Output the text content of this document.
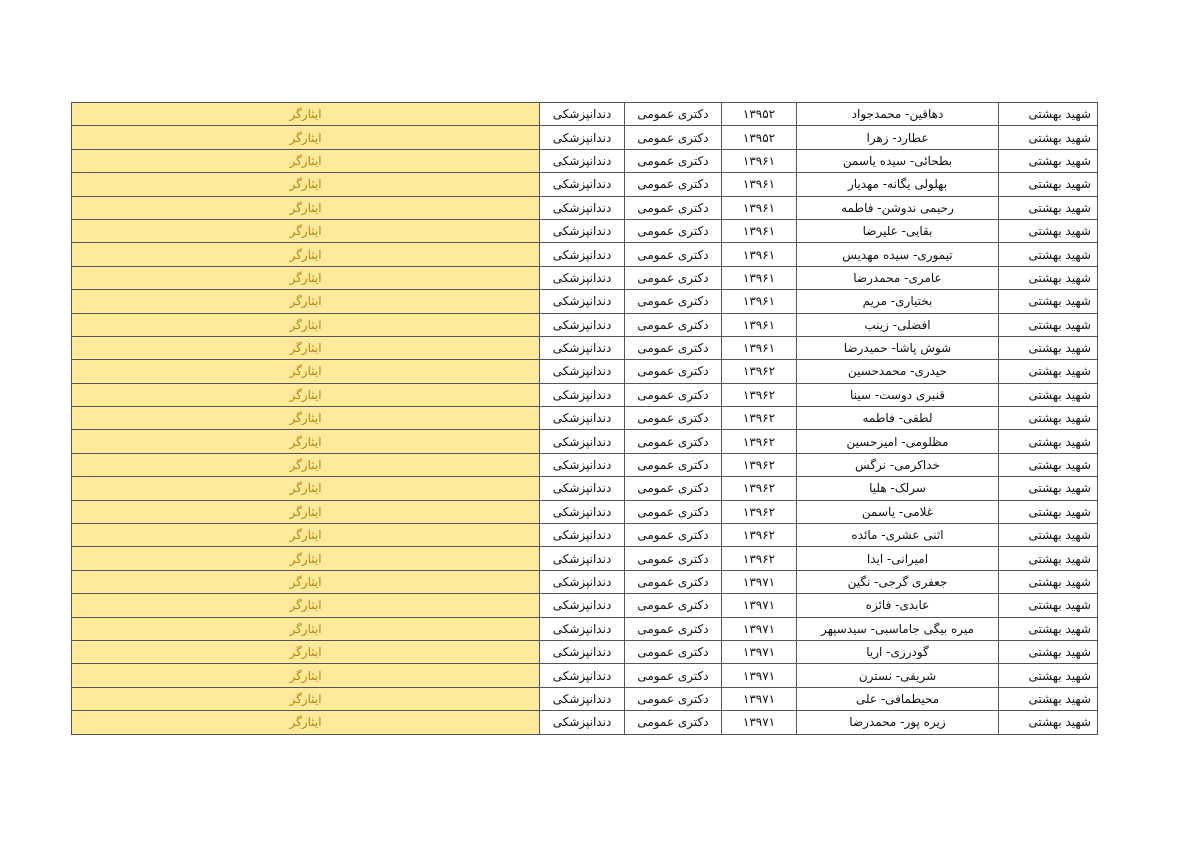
شهید بهشتی	دهاقین- محمدجواد	۱۳۹۵۲	دکتری عمومی	دندانپزشکی	ایثارگر
شهید بهشتی	عطارد- زهرا	۱۳۹۵۲	دکتری عمومی	دندانپزشکی	ایثارگر
شهید بهشتی	بطحائی- سیده یاسمن	۱۳۹۶۱	دکتری عمومی	دندانپزشکی	ایثارگر
شهید بهشتی	بهلولی یگانه- مهدیار	۱۳۹۶۱	دکتری عمومی	دندانپزشکی	ایثارگر
شهید بهشتی	رحیمی ندوشن- فاطمه	۱۳۹۶۱	دکتری عمومی	دندانپزشکی	ایثارگر
شهید بهشتی	بقایی- علیرضا	۱۳۹۶۱	دکتری عمومی	دندانپزشکی	ایثارگر
شهید بهشتی	تیموری- سیده مهدیس	۱۳۹۶۱	دکتری عمومی	دندانپزشکی	ایثارگر
شهید بهشتی	عامری- محمدرضا	۱۳۹۶۱	دکتری عمومی	دندانپزشکی	ایثارگر
شهید بهشتی	بختیاری- مریم	۱۳۹۶۱	دکتری عمومی	دندانپزشکی	ایثارگر
شهید بهشتی	افضلی- زینب	۱۳۹۶۱	دکتری عمومی	دندانپزشکی	ایثارگر
شهید بهشتی	شوش پاشا- حمیدرضا	۱۳۹۶۱	دکتری عمومی	دندانپزشکی	ایثارگر
شهید بهشتی	حیدری- محمدحسین	۱۳۹۶۲	دکتری عمومی	دندانپزشکی	ایثارگر
شهید بهشتی	قنبری دوست- سینا	۱۳۹۶۲	دکتری عمومی	دندانپزشکی	ایثارگر
شهید بهشتی	لطفی- فاطمه	۱۳۹۶۲	دکتری عمومی	دندانپزشکی	ایثارگر
شهید بهشتی	مظلومی- امیرحسین	۱۳۹۶۲	دکتری عمومی	دندانپزشکی	ایثارگر
شهید بهشتی	خداکرمی- نرگس	۱۳۹۶۲	دکتری عمومی	دندانپزشکی	ایثارگر
شهید بهشتی	سرلک- هلیا	۱۳۹۶۲	دکتری عمومی	دندانپزشکی	ایثارگر
شهید بهشتی	غلامی- یاسمن	۱۳۹۶۲	دکتری عمومی	دندانپزشکی	ایثارگر
شهید بهشتی	اثنی عشری- مائده	۱۳۹۶۲	دکتری عمومی	دندانپزشکی	ایثارگر
شهید بهشتی	امیرانی- ایدا	۱۳۹۶۲	دکتری عمومی	دندانپزشکی	ایثارگر
شهید بهشتی	جعفری گرجی- نگین	۱۳۹۷۱	دکتری عمومی	دندانپزشکی	ایثارگر
شهید بهشتی	عابدی- فائزه	۱۳۹۷۱	دکتری عمومی	دندانپزشکی	ایثارگر
شهید بهشتی	میره بیگی جاماسبی- سیدسپهر	۱۳۹۷۱	دکتری عمومی	دندانپزشکی	ایثارگر
شهید بهشتی	گودرزی- اریا	۱۳۹۷۱	دکتری عمومی	دندانپزشکی	ایثارگر
شهید بهشتی	شریفی- نسترن	۱۳۹۷۱	دکتری عمومی	دندانپزشکی	ایثارگر
شهید بهشتی	محیطمافی- علی	۱۳۹۷۱	دکتری عمومی	دندانپزشکی	ایثارگر
شهید بهشتی	زیره پور- محمدرضا	۱۳۹۷۱	دکتری عمومی	دندانپزشکی	ایثارگر
